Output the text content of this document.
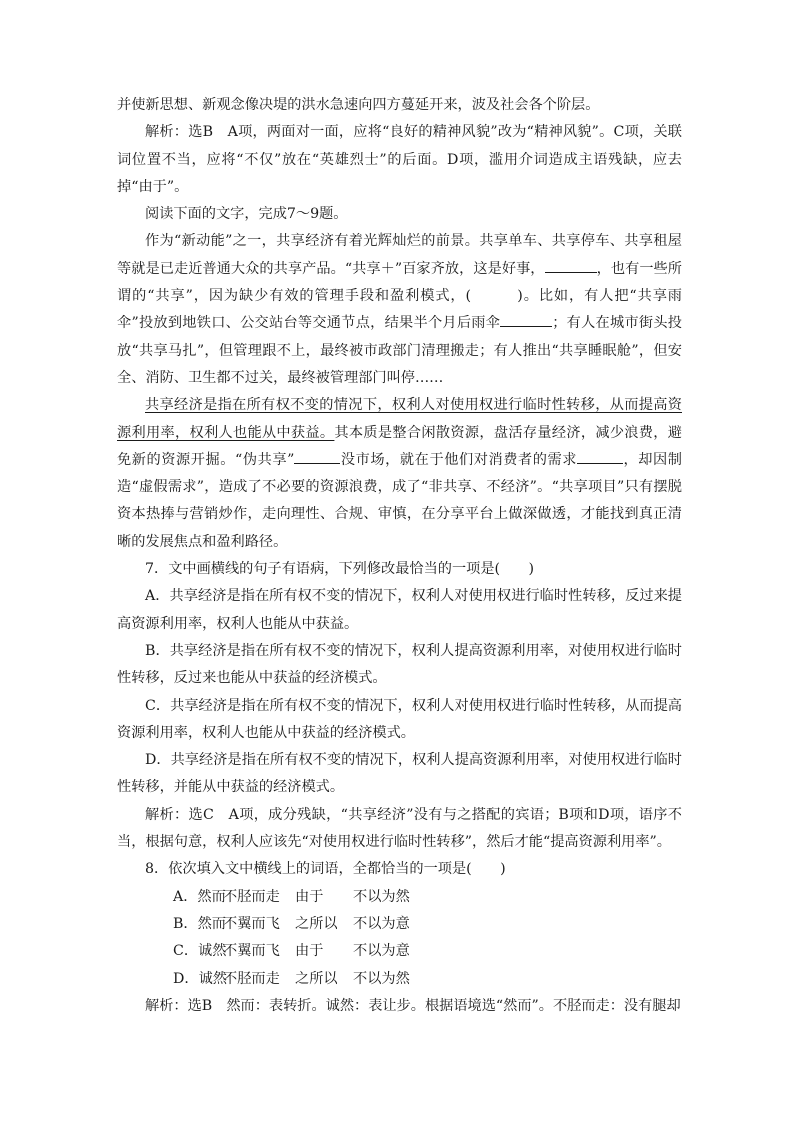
并使新思想、新观念像决堤的洪水急速向四方蔓延开来，波及社会各个阶层。

解析：选B　A项，两面对一面，应将“良好的精神风貌”改为“精神风貌”。C项，关联词位置不当，应将“不仅”放在“英雄烈士”的后面。D项，滥用介词造成主语残缺，应去掉“由于”。

阅读下面的文字，完成7～9题。

作为“新动能”之一，共享经济有着光辉灿烂的前景。共享单车、共享停车、共享租屋等就是已走近普通大众的共享产品。“共享＋”百家齐放，这是好事，	，也有一些所谓的“共享”，因为缺少有效的管理手段和盈利模式，(　　　)。比如，有人把“共享雨伞”投放到地铁口、公交站台等交通节点，结果半个月后雨伞	；有人在城市街头投放“共享马扎”，但管理跟不上，最终被市政部门清理搬走；有人推出“共享睡眠舱”，但安全、消防、卫生都不过关，最终被管理部门叫停……

共享经济是指在所有权不变的情况下，权利人对使用权进行临时性转移，从而提高资源利用率，权利人也能从中获益。其本质是整合闲散资源，盘活存量经济，减少浪费，避免新的资源开掘。“伪共享”	没市场，就在于他们对消费者的需求	，却因制造“虚假需求”，造成了不必要的资源浪费，成了“非共享、不经济”。“共享项目”只有摆脱资本热捧与营销炒作，走向理性、合规、审慎，在分享平台上做深做透，才能找到真正清晰的发展焦点和盈利路径。

7．文中画横线的句子有语病，下列修改最恰当的一项是(　　)

A．共享经济是指在所有权不变的情况下，权利人对使用权进行临时性转移，反过来提高资源利用率，权利人也能从中获益。

B．共享经济是指在所有权不变的情况下，权利人提高资源利用率，对使用权进行临时性转移，反过来也能从中获益的经济模式。

C．共享经济是指在所有权不变的情况下，权利人对使用权进行临时性转移，从而提高资源利用率，权利人也能从中获益的经济模式。

D．共享经济是指在所有权不变的情况下，权利人提高资源利用率，对使用权进行临时性转移，并能从中获益的经济模式。

解析：选C　A项，成分残缺，“共享经济”没有与之搭配的宾语；B项和D项，语序不当，根据句意，权利人应该先“对使用权进行临时性转移”，然后才能“提高资源利用率”。

8．依次填入文中横线上的词语，全都恰当的一项是(　　)

A．然而不胫而走 由于 不以为然

B．然而不翼而飞 之所以 不以为意

C．诚然不翼而飞 由于 不以为意

D．诚然不胫而走 之所以 不以为然

解析：选B　然而：表转折。诚然：表让步。根据语境选“然而”。不胫而走：没有腿却
